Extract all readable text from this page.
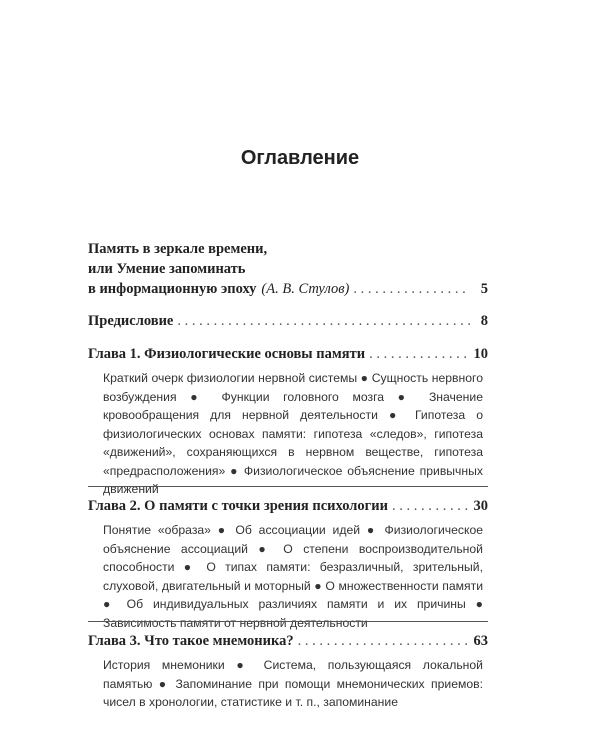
Оглавление
Память в зеркале времени,
или Умение запоминать
в информационную эпоху (А. В. Стулов) . . .	5
Предисловие . . .	8
Глава 1. Физиологические основы памяти . . .	10
Краткий очерк физиологии нервной системы ● Сущность нервного возбуждения ● Функции головного мозга ● Значение кровообращения для нервной деятельности ● Гипотеза о физиологических основах памяти: гипотеза «следов», гипотеза «движений», сохраняющихся в нервном веществе, гипотеза «предрасположения» ● Физиологическое объяснение привычных движений
Глава 2. О памяти с точки зрения психологии . . .	30
Понятие «образа» ● Об ассоциации идей ● Физиологическое объяснение ассоциаций ● О степени воспроизводительной способности ● О типах памяти: безразличный, зрительный, слуховой, двигательный и моторный ● О множественности памяти ● Об индивидуальных различиях памяти и их причины ● Зависимость памяти от нервной деятельности
Глава 3. Что такое мнемоника? . . .	63
История мнемоники ● Система, пользующаяся локальной памятью ● Запоминание при помощи мнемонических приемов: чисел в хронологии, статистике и т. п., запоминание
